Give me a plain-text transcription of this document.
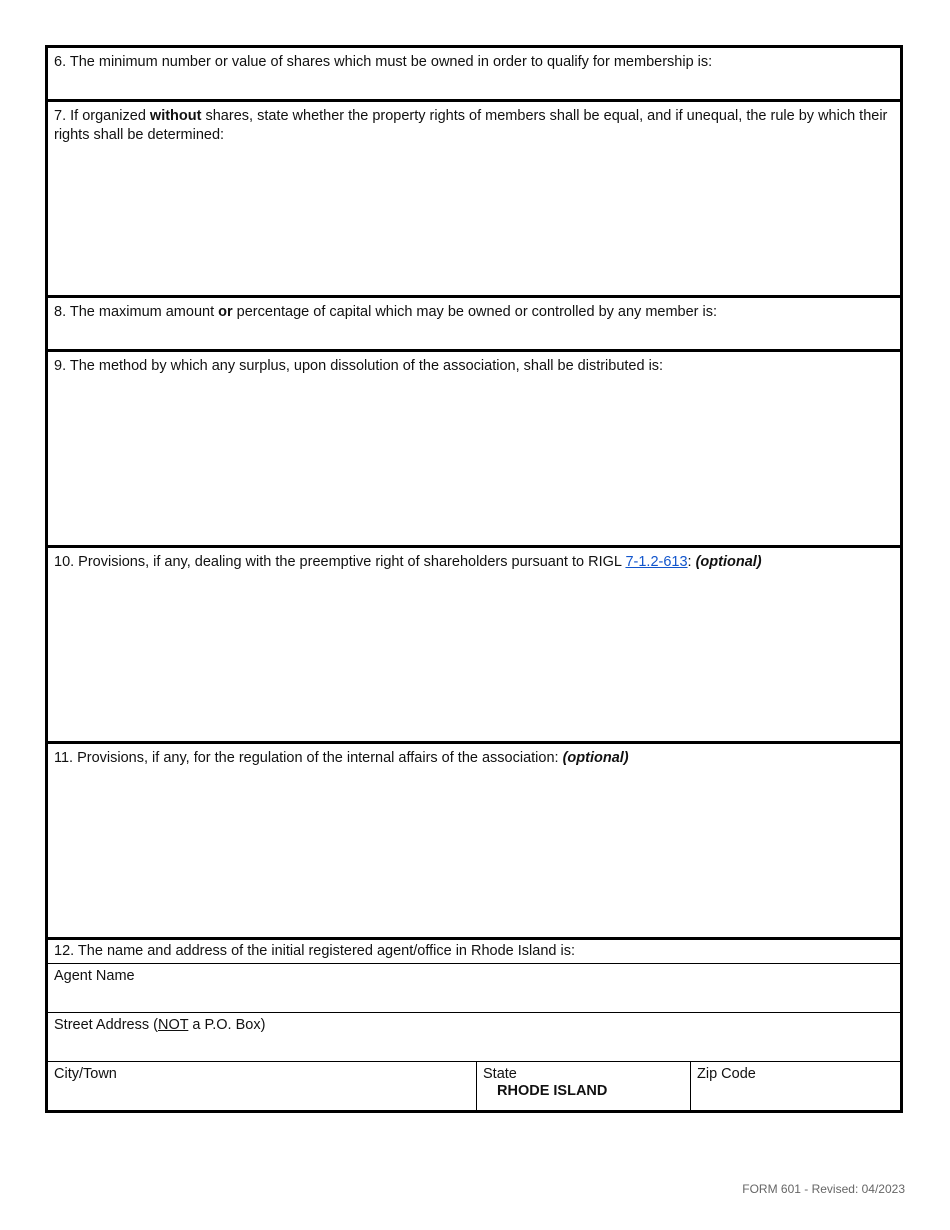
6. The minimum number or value of shares which must be owned in order to qualify for membership is:
7. If organized without shares, state whether the property rights of members shall be equal, and if unequal, the rule by which their rights shall be determined:
8. The maximum amount or percentage of capital which may be owned or controlled by any member is:
9. The method by which any surplus, upon dissolution of the association, shall be distributed is:
10. Provisions, if any, dealing with the preemptive right of shareholders pursuant to RIGL 7-1.2-613: (optional)
11. Provisions, if any, for the regulation of the internal affairs of the association: (optional)
12. The name and address of the initial registered agent/office in Rhode Island is:
Agent Name
Street Address (NOT a P.O. Box)
City/Town	State
RHODE ISLAND
Zip Code
FORM 601 - Revised: 04/2023
